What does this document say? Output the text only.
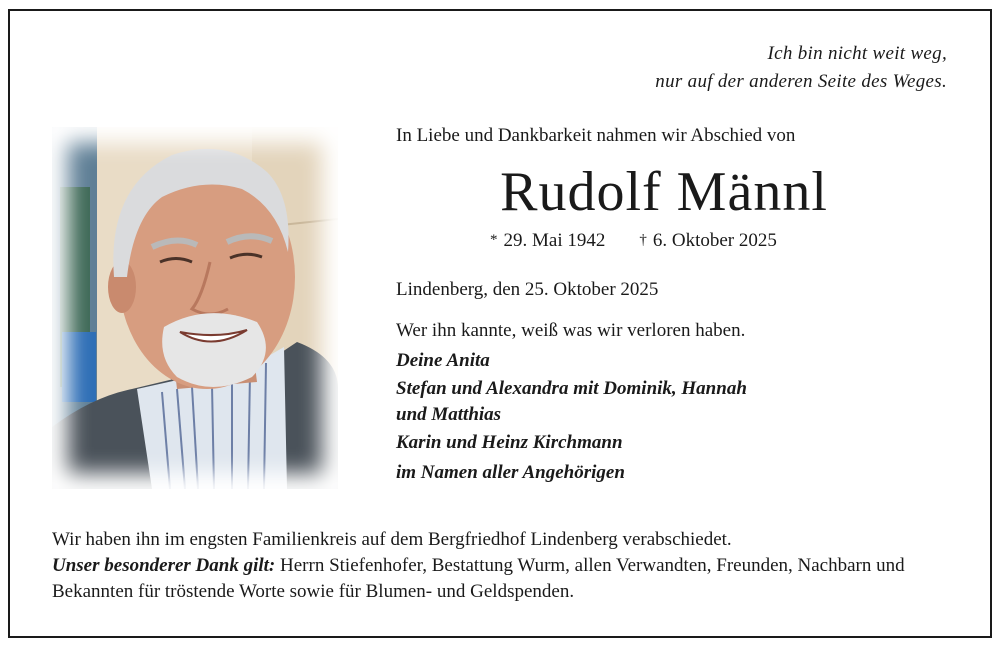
Ich bin nicht weit weg,
nur auf der anderen Seite des Weges.
In Liebe und Dankbarkeit nahmen wir Abschied von
Rudolf Männl
* 29. Mai 1942 † 6. Oktober 2025
Lindenberg, den 25. Oktober 2025
Wer ihn kannte, weiß was wir verloren haben.
Deine Anita
Stefan und Alexandra mit Dominik, Hannah
und Matthias
Karin und Heinz Kirchmann
im Namen aller Angehörigen
Wir haben ihn im engsten Familienkreis auf dem Bergfriedhof Lindenberg verabschiedet.
Unser besonderer Dank gilt: Herrn Stiefenhofer, Bestattung Wurm, allen Verwandten, Freunden, Nachbarn und Bekannten für tröstende Worte sowie für Blumen- und Geldspenden.
